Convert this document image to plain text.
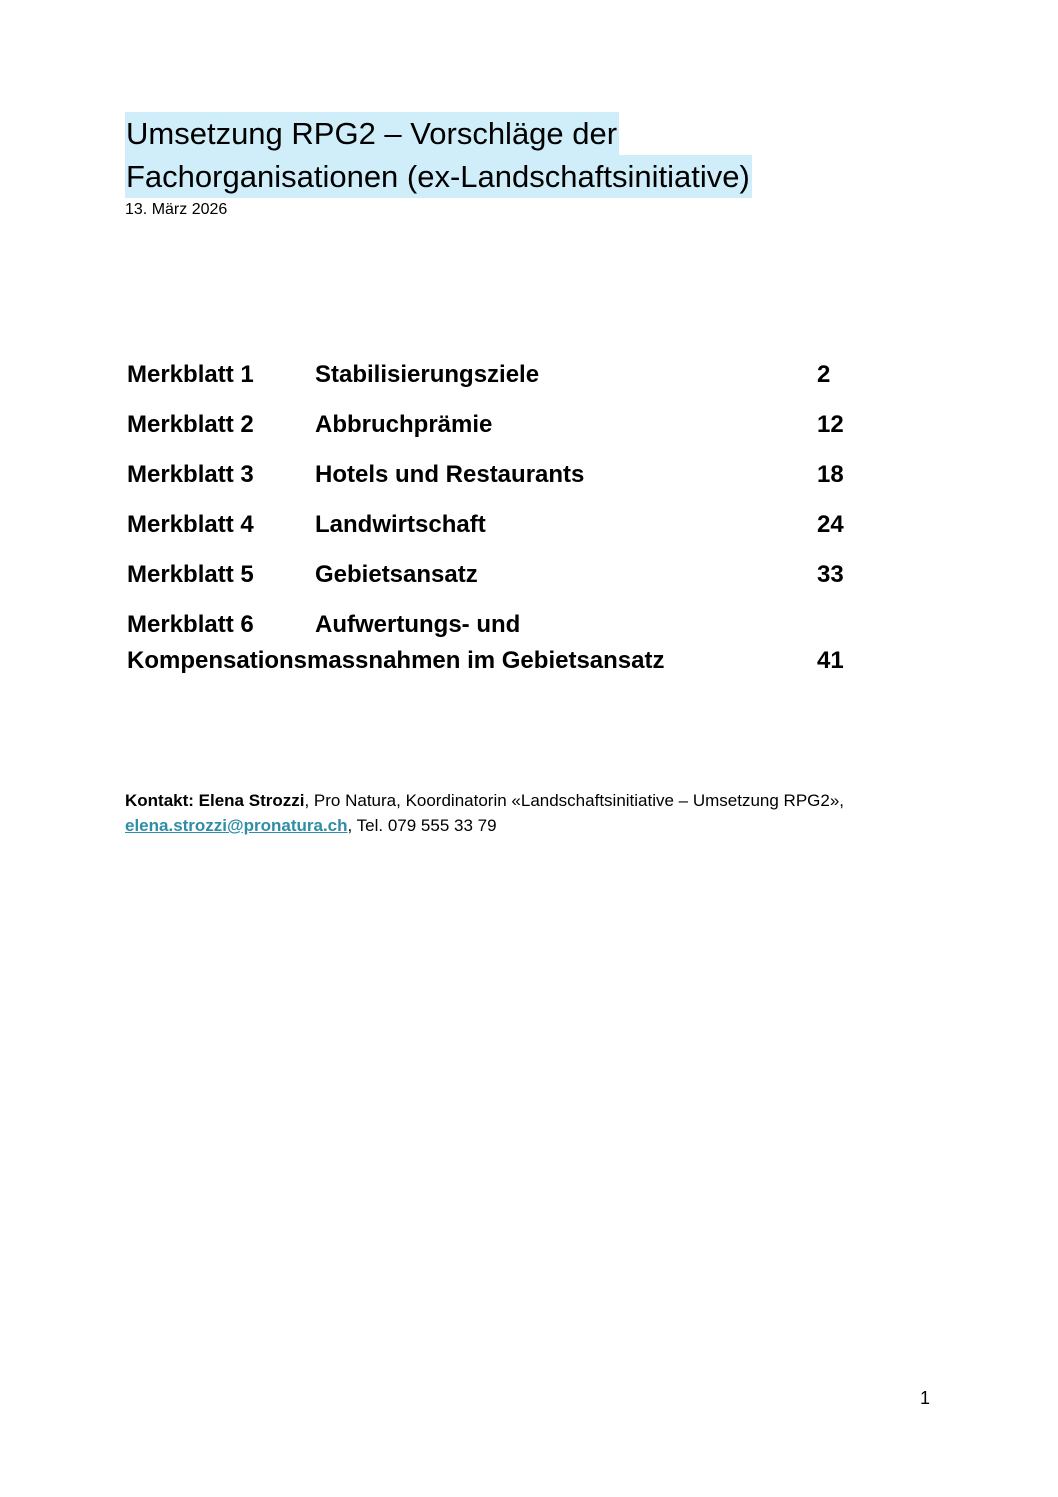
Umsetzung RPG2 – Vorschläge der
Fachorganisationen (ex-Landschaftsinitiative)
13. März 2026
Merkblatt 1	Stabilisierungsziele	2
Merkblatt 2	Abbruchprämie	12
Merkblatt 3	Hotels und Restaurants	18
Merkblatt 4	Landwirtschaft	24
Merkblatt 5	Gebietsansatz	33
Merkblatt 6	Aufwertungs- und
Kompensationsmassnahmen im Gebietsansatz	41
Kontakt: Elena Strozzi, Pro Natura, Koordinatorin «Landschaftsinitiative – Umsetzung RPG2», elena.strozzi@pronatura.ch, Tel. 079 555 33 79
1
